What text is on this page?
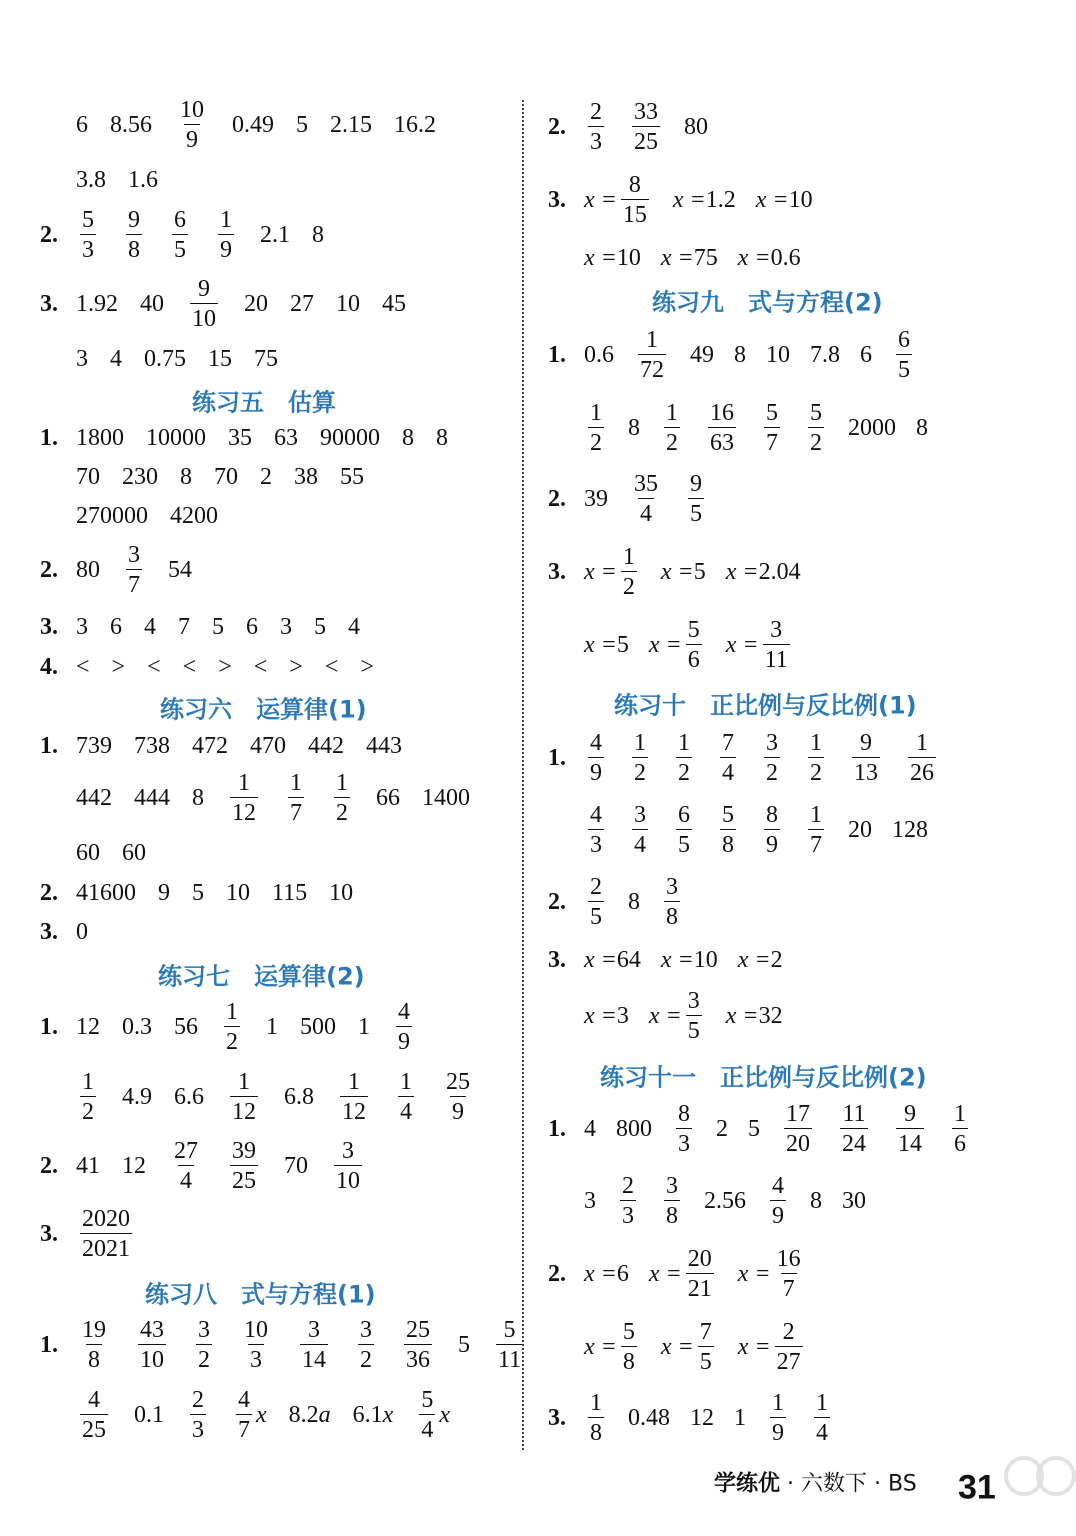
6 $8.56 \frac{10}{9} 0.49$ 5 2.15 16.2
3.8 1.6
2. $\frac{5}{3} \frac{9}{8} \frac{6}{5} \frac{1}{9} 2.1$ 8
3. 1.92 $40 \frac{9}{10} 20$ 27 10 45
3 4 0.75 15 75
1. 1800 10000 35 63 90000 8 8
70 230 8 70 2 38 55
270000 4200
2. $80 \frac{3}{7} 54$
3. 3 6 4 7 5 6 3 5 4
4. < > < < > < > < >
1. 739 738 472 470 442 443
442 444 $8 \frac{1}{12} \frac{1}{7} \frac{1}{2} 66$ 1400
60 60
2. 41600 9 5 10 115 10
3. 0
1. 12 0.3 $56 \frac{1}{2} 1$ 500 $1 \frac{4}{9}$
$\frac{1}{2} 4.9$ $6.6 \frac{1}{12} 6.8 \frac{1}{12} \frac{1}{4} \frac{25}{9}$
2. 41 $12 \frac{27}{4} \frac{39}{25} 70 \frac{3}{10}$
3. $\frac{2020}{2021}$
1. $\frac{19}{8} \frac{43}{10} \frac{3}{2} \frac{10}{3} \frac{3}{14} \frac{3}{2} \frac{25}{36} 5 \frac{5}{11}$
$\frac{4}{25} 0.1 \frac{2}{3} \frac{4}{7}$ x 8.2 a 6.1 x $\frac{5}{4}$ x
2. $\frac{2}{3} \frac{33}{25} 80$
3. $x = \frac{8}{15}$ x = 1.2 x = 10
x = 10 x = 75 x = 0.6
1. $0.6 \frac{1}{72} 49$ 8 10 7.8 $6 \frac{6}{5}$
$\frac{1}{2} 8 \frac{1}{2} \frac{16}{63} \frac{5}{7} \frac{5}{2} 2000$ 8
2. $39 \frac{35}{4} \frac{9}{5}$
3. $x = \frac{1}{2}$ x = 5 x = 2.04
x = 5 $x = \frac{5}{6}$ $x = \frac{3}{11}$
1. $\frac{4}{9} \frac{1}{2} \frac{1}{2} \frac{7}{4} \frac{3}{2} \frac{1}{2} \frac{9}{13} \frac{1}{26}$
$\frac{4}{3} \frac{3}{4} \frac{6}{5} \frac{5}{8} \frac{8}{9} \frac{1}{7} 20$ 128
2. $\frac{2}{5} 8 \frac{3}{8}$
3. x = 64 x = 10 x = 2
x = 3 $x = \frac{3}{5}$ x = 32
1. 4 $800 \frac{8}{3} 2$ $5 \frac{17}{20} \frac{11}{24} \frac{9}{14} \frac{1}{6}$
$3 \frac{2}{3} \frac{3}{8} 2.56 \frac{4}{9} 8$ 30
2. x = 6 $x = \frac{20}{21}$ $x = \frac{16}{7}$
$x = \frac{5}{8}$ $x = \frac{7}{5}$ $x = \frac{2}{27}$
3. $\frac{1}{8} 0.48$ 12 $1 \frac{1}{9} \frac{1}{4}$
练习五　估算
练习六　运算律(1)
练习七　运算律(2)
练习八　式与方程(1)
练习九　式与方程(2)
练习十　正比例与反比例(1)
练习十一　正比例与反比例(2)
学练优 · 六数下 · BS 31
